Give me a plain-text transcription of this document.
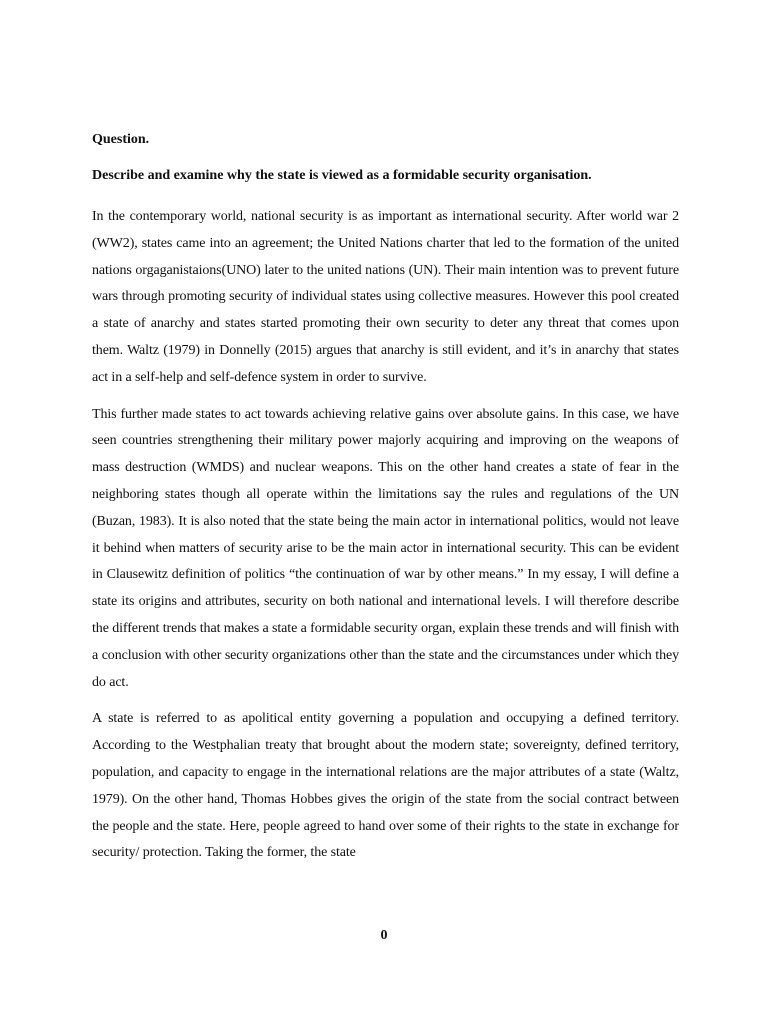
Question.

Describe and examine why the state is viewed as a formidable security organisation.

In the contemporary world, national security is as important as international security. After world war 2 (WW2), states came into an agreement; the United Nations charter that led to the formation of the united nations orgaganistaions(UNO) later to the united nations (UN). Their main intention was to prevent future wars through promoting security of individual states using collective measures. However this pool created a state of anarchy and states started promoting their own security to deter any threat that comes upon them. Waltz (1979) in Donnelly (2015) argues that anarchy is still evident, and it’s in anarchy that states act in a self-help and self-defence system in order to survive.

This further made states to act towards achieving relative gains over absolute gains. In this case, we have seen countries strengthening their military power majorly acquiring and improving on the weapons of mass destruction (WMDS) and nuclear weapons. This on the other hand creates a state of fear in the neighboring states though all operate within the limitations say the rules and regulations of the UN (Buzan, 1983). It is also noted that the state being the main actor in international politics, would not leave it behind when matters of security arise to be the main actor in international security. This can be evident in Clausewitz definition of politics “the continuation of war by other means.” In my essay, I will define a state its origins and attributes, security on both national and international levels. I will therefore describe the different trends that makes a state a formidable security organ, explain these trends and will finish with a conclusion with other security organizations other than the state and the circumstances under which they do act.

A state is referred to as apolitical entity governing a population and occupying a defined territory. According to the Westphalian treaty that brought about the modern state; sovereignty, defined territory, population, and capacity to engage in the international relations are the major attributes of a state (Waltz, 1979). On the other hand, Thomas Hobbes gives the origin of the state from the social contract between the people and the state. Here, people agreed to hand over some of their rights to the state in exchange for security/ protection. Taking the former, the state

0
